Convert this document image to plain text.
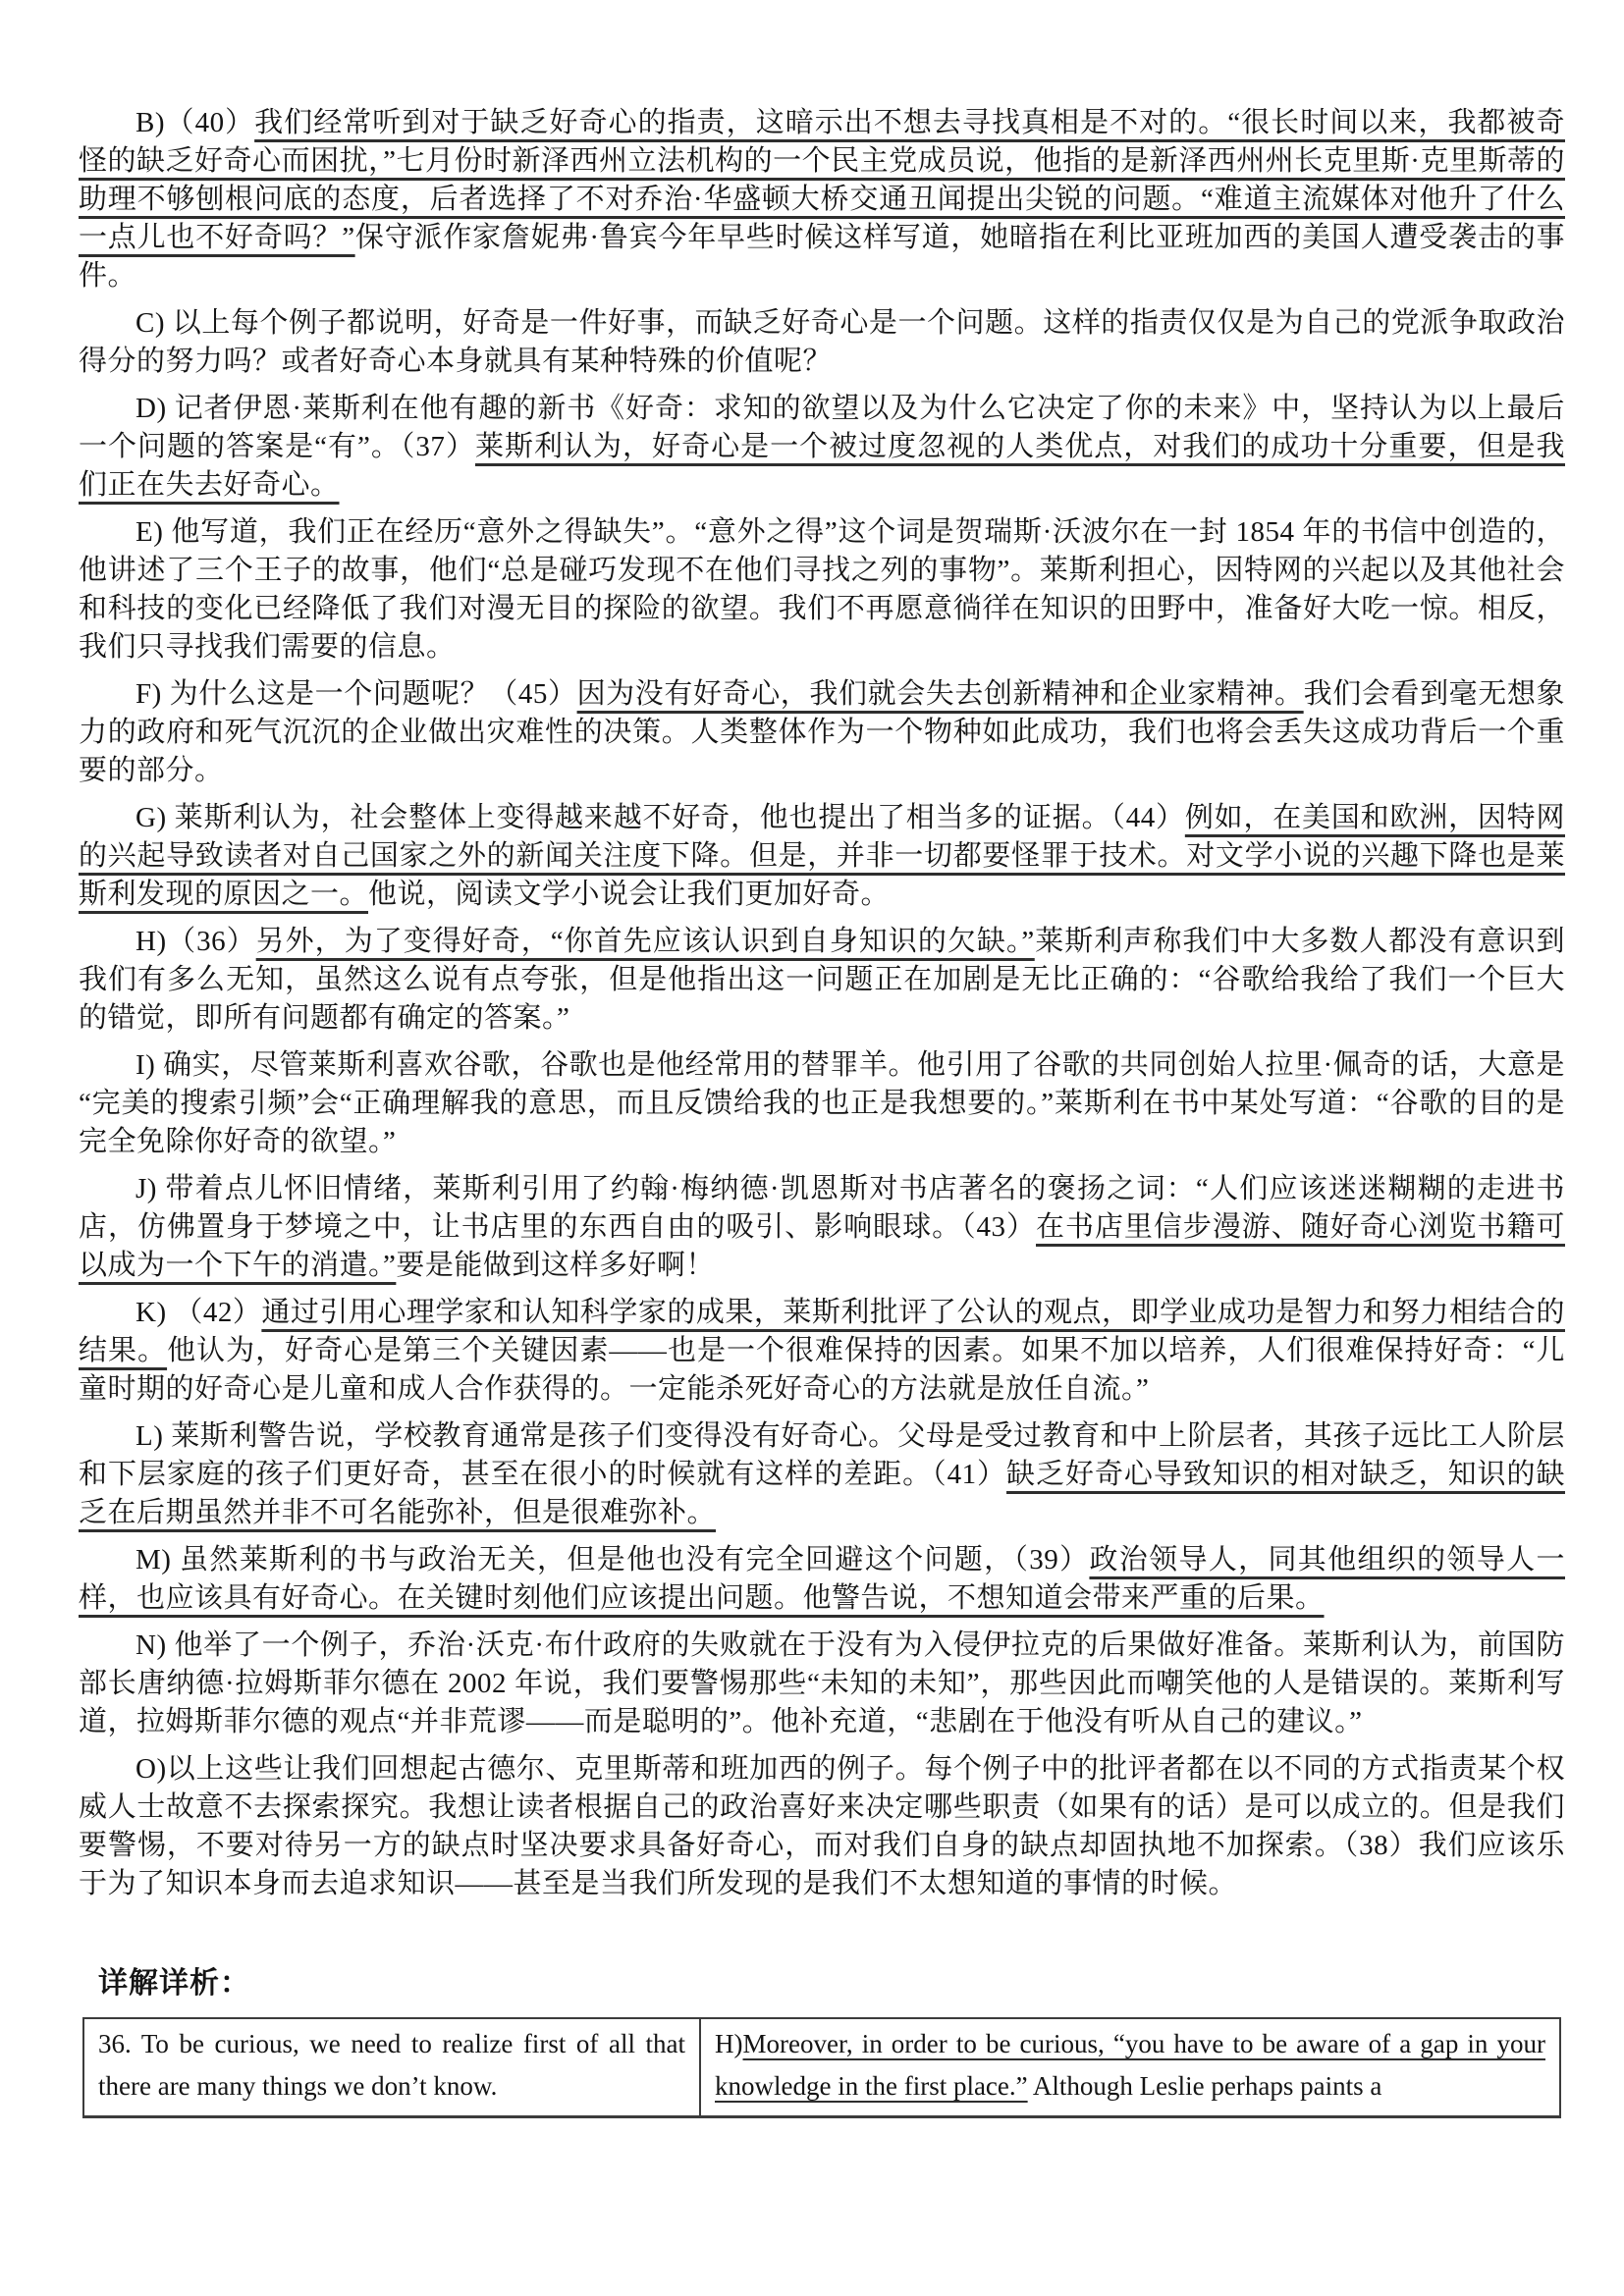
B)（40）我们经常听到对于缺乏好奇心的指责，这暗示出不想去寻找真相是不对的。“很长时间以来，我都被奇怪的缺乏好奇心而困扰，”七月份时新泽西州立法机构的一个民主党成员说，他指的是新泽西州州长克里斯·克里斯蒂的助理不够刨根问底的态度，后者选择了不对乔治·华盛顿大桥交通丑闻提出尖锐的问题。“难道主流媒体对他升了什么一点儿也不好奇吗？”保守派作家詹妮弗·鲁宾今年早些时候这样写道，她暗指在利比亚班加西的美国人遭受袭击的事件。

C) 以上每个例子都说明，好奇是一件好事，而缺乏好奇心是一个问题。这样的指责仅仅是为自己的党派争取政治得分的努力吗？或者好奇心本身就具有某种特殊的价值呢？

D) 记者伊恩·莱斯利在他有趣的新书《好奇：求知的欲望以及为什么它决定了你的未来》中，坚持认为以上最后一个问题的答案是“有”。（37）莱斯利认为，好奇心是一个被过度忽视的人类优点，对我们的成功十分重要，但是我们正在失去好奇心。

E) 他写道，我们正在经历“意外之得缺失”。“意外之得”这个词是贺瑞斯·沃波尔在一封 1854 年的书信中创造的，他讲述了三个王子的故事，他们“总是碰巧发现不在他们寻找之列的事物”。莱斯利担心，因特网的兴起以及其他社会和科技的变化已经降低了我们对漫无目的探险的欲望。我们不再愿意徜徉在知识的田野中，准备好大吃一惊。相反，我们只寻找我们需要的信息。

F) 为什么这是一个问题呢？（45）因为没有好奇心，我们就会失去创新精神和企业家精神。我们会看到毫无想象力的政府和死气沉沉的企业做出灾难性的决策。人类整体作为一个物种如此成功，我们也将会丢失这成功背后一个重要的部分。

G) 莱斯利认为，社会整体上变得越来越不好奇，他也提出了相当多的证据。（44）例如，在美国和欧洲，因特网的兴起导致读者对自己国家之外的新闻关注度下降。但是，并非一切都要怪罪于技术。对文学小说的兴趣下降也是莱斯利发现的原因之一。他说，阅读文学小说会让我们更加好奇。

H)（36）另外，为了变得好奇，“你首先应该认识到自身知识的欠缺。”莱斯利声称我们中大多数人都没有意识到我们有多么无知，虽然这么说有点夸张，但是他指出这一问题正在加剧是无比正确的：“谷歌给我给了我们一个巨大的错觉，即所有问题都有确定的答案。”

I) 确实，尽管莱斯利喜欢谷歌，谷歌也是他经常用的替罪羊。他引用了谷歌的共同创始人拉里·佩奇的话，大意是“完美的搜索引频”会“正确理解我的意思，而且反馈给我的也正是我想要的。”莱斯利在书中某处写道：“谷歌的目的是完全免除你好奇的欲望。”

J) 带着点儿怀旧情绪，莱斯利引用了约翰·梅纳德·凯恩斯对书店著名的褒扬之词：“人们应该迷迷糊糊的走进书店，仿佛置身于梦境之中，让书店里的东西自由的吸引、影响眼球。（43）在书店里信步漫游、随好奇心浏览书籍可以成为一个下午的消遣。”要是能做到这样多好啊！

K) （42）通过引用心理学家和认知科学家的成果，莱斯利批评了公认的观点，即学业成功是智力和努力相结合的结果。他认为，好奇心是第三个关键因素——也是一个很难保持的因素。如果不加以培养，人们很难保持好奇：“儿童时期的好奇心是儿童和成人合作获得的。一定能杀死好奇心的方法就是放任自流。”

L) 莱斯利警告说，学校教育通常是孩子们变得没有好奇心。父母是受过教育和中上阶层者，其孩子远比工人阶层和下层家庭的孩子们更好奇，甚至在很小的时候就有这样的差距。（41）缺乏好奇心导致知识的相对缺乏，知识的缺乏在后期虽然并非不可名能弥补，但是很难弥补。

M) 虽然莱斯利的书与政治无关，但是他也没有完全回避这个问题，（39）政治领导人，同其他组织的领导人一样，也应该具有好奇心。在关键时刻他们应该提出问题。他警告说，不想知道会带来严重的后果。

N) 他举了一个例子，乔治·沃克·布什政府的失败就在于没有为入侵伊拉克的后果做好准备。莱斯利认为，前国防部长唐纳德·拉姆斯菲尔德在 2002 年说，我们要警惕那些“未知的未知”，那些因此而嘲笑他的人是错误的。莱斯利写道，拉姆斯菲尔德的观点“并非荒谬——而是聪明的”。他补充道，“悲剧在于他没有听从自己的建议。”

O)以上这些让我们回想起古德尔、克里斯蒂和班加西的例子。每个例子中的批评者都在以不同的方式指责某个权威人士故意不去探索探究。我想让读者根据自己的政治喜好来决定哪些职责（如果有的话）是可以成立的。但是我们要警惕，不要对待另一方的缺点时坚决要求具备好奇心，而对我们自身的缺点却固执地不加探索。（38）我们应该乐于为了知识本身而去追求知识——甚至是当我们所发现的是我们不太想知道的事情的时候。

详解详析：
36. To be curious, we need to realize first of all that there are many things we don’t know.	H)Moreover, in order to be curious, “you have to be aware of a gap in your knowledge in the first place.” Although Leslie perhaps paints a
